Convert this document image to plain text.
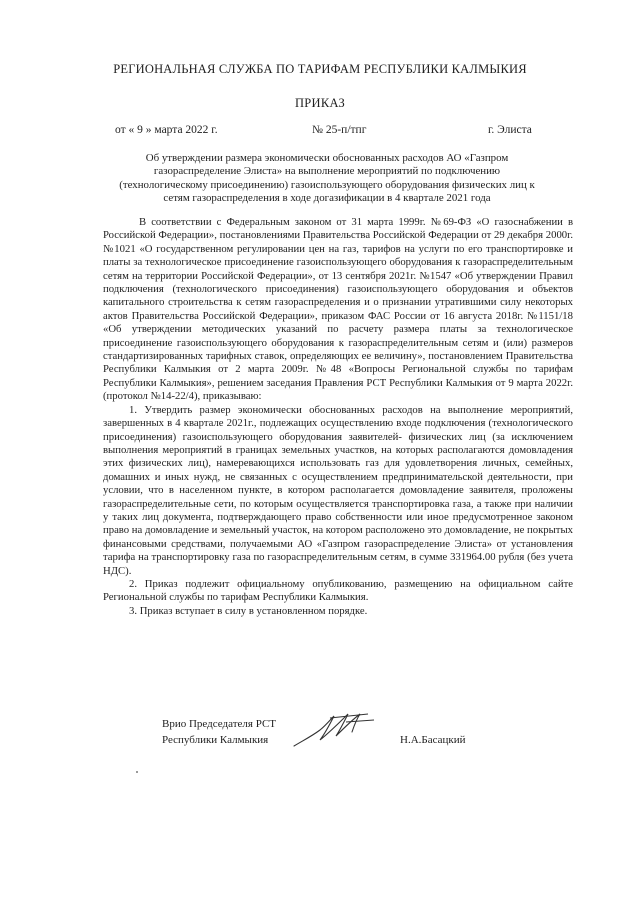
РЕГИОНАЛЬНАЯ СЛУЖБА ПО ТАРИФАМ РЕСПУБЛИКИ КАЛМЫКИЯ
ПРИКАЗ
от « 9 » марта 2022 г.	№ 25-п/тпг	г. Элиста
Об утверждении размера экономически обоснованных расходов АО «Газпром газораспределение Элиста» на выполнение мероприятий по подключению (технологическому присоединению) газоиспользующего оборудования физических лиц к сетям газораспределения в ходе догазификации в 4 квартале 2021 года

В соответствии с Федеральным законом от 31 марта 1999г. №69-ФЗ «О газоснабжении в Российской Федерации», постановлениями Правительства Российской Федерации от 29 декабря 2000г. №1021 «О государственном регулировании цен на газ, тарифов на услуги по его транспортировке и платы за технологическое присоединение газоиспользующего оборудования к газораспределительным сетям на территории Российской Федерации», от 13 сентября 2021г. №1547 «Об утверждении Правил подключения (технологического присоединения) газоиспользующего оборудования и объектов капитального строительства к сетям газораспределения и о признании утратившими силу некоторых актов Правительства Российской Федерации», приказом ФАС России от 16 августа 2018г. №1151/18 «Об утверждении методических указаний по расчету размера платы за технологическое присоединение газоиспользующего оборудования к газораспределительным сетям и (или) размеров стандартизированных тарифных ставок, определяющих ее величину», постановлением Правительства Республики Калмыкия от 2 марта 2009г. №48 «Вопросы Региональной службы по тарифам Республики Калмыкия», решением заседания Правления РСТ Республики Калмыкия от 9 марта 2022г. (протокол №14-22/4), приказываю:

1. Утвердить размер экономически обоснованных расходов на выполнение мероприятий, завершенных в 4 квартале 2021г., подлежащих осуществлению входе подключения (технологического присоединения) газоиспользующего оборудования заявителей- физических лиц (за исключением выполнения мероприятий в границах земельных участков, на которых располагаются домовладения этих физических лиц), намеревающихся использовать газ для удовлетворения личных, семейных, домашних и иных нужд, не связанных с осуществлением предпринимательской деятельности, при условии, что в населенном пункте, в котором располагается домовладение заявителя, проложены газораспределительные сети, по которым осуществляется транспортировка газа, а также при наличии у таких лиц документа, подтверждающего право собственности или иное предусмотренное законом право на домовладение и земельный участок, на котором расположено это домовладение, не покрытых финансовыми средствами, получаемыми АО «Газпром газораспределение Элиста» от установления тарифа на транспортировку газа по газораспределительным сетям, в сумме 331964.00 рубля (без учета НДС).

2. Приказ подлежит официальному опубликованию, размещению на официальном сайте Региональной службы по тарифам Республики Калмыкия.

3. Приказ вступает в силу в установленном порядке.

Врио Председателя РСТ
Республики Калмыкия	Н.А.Басацкий
